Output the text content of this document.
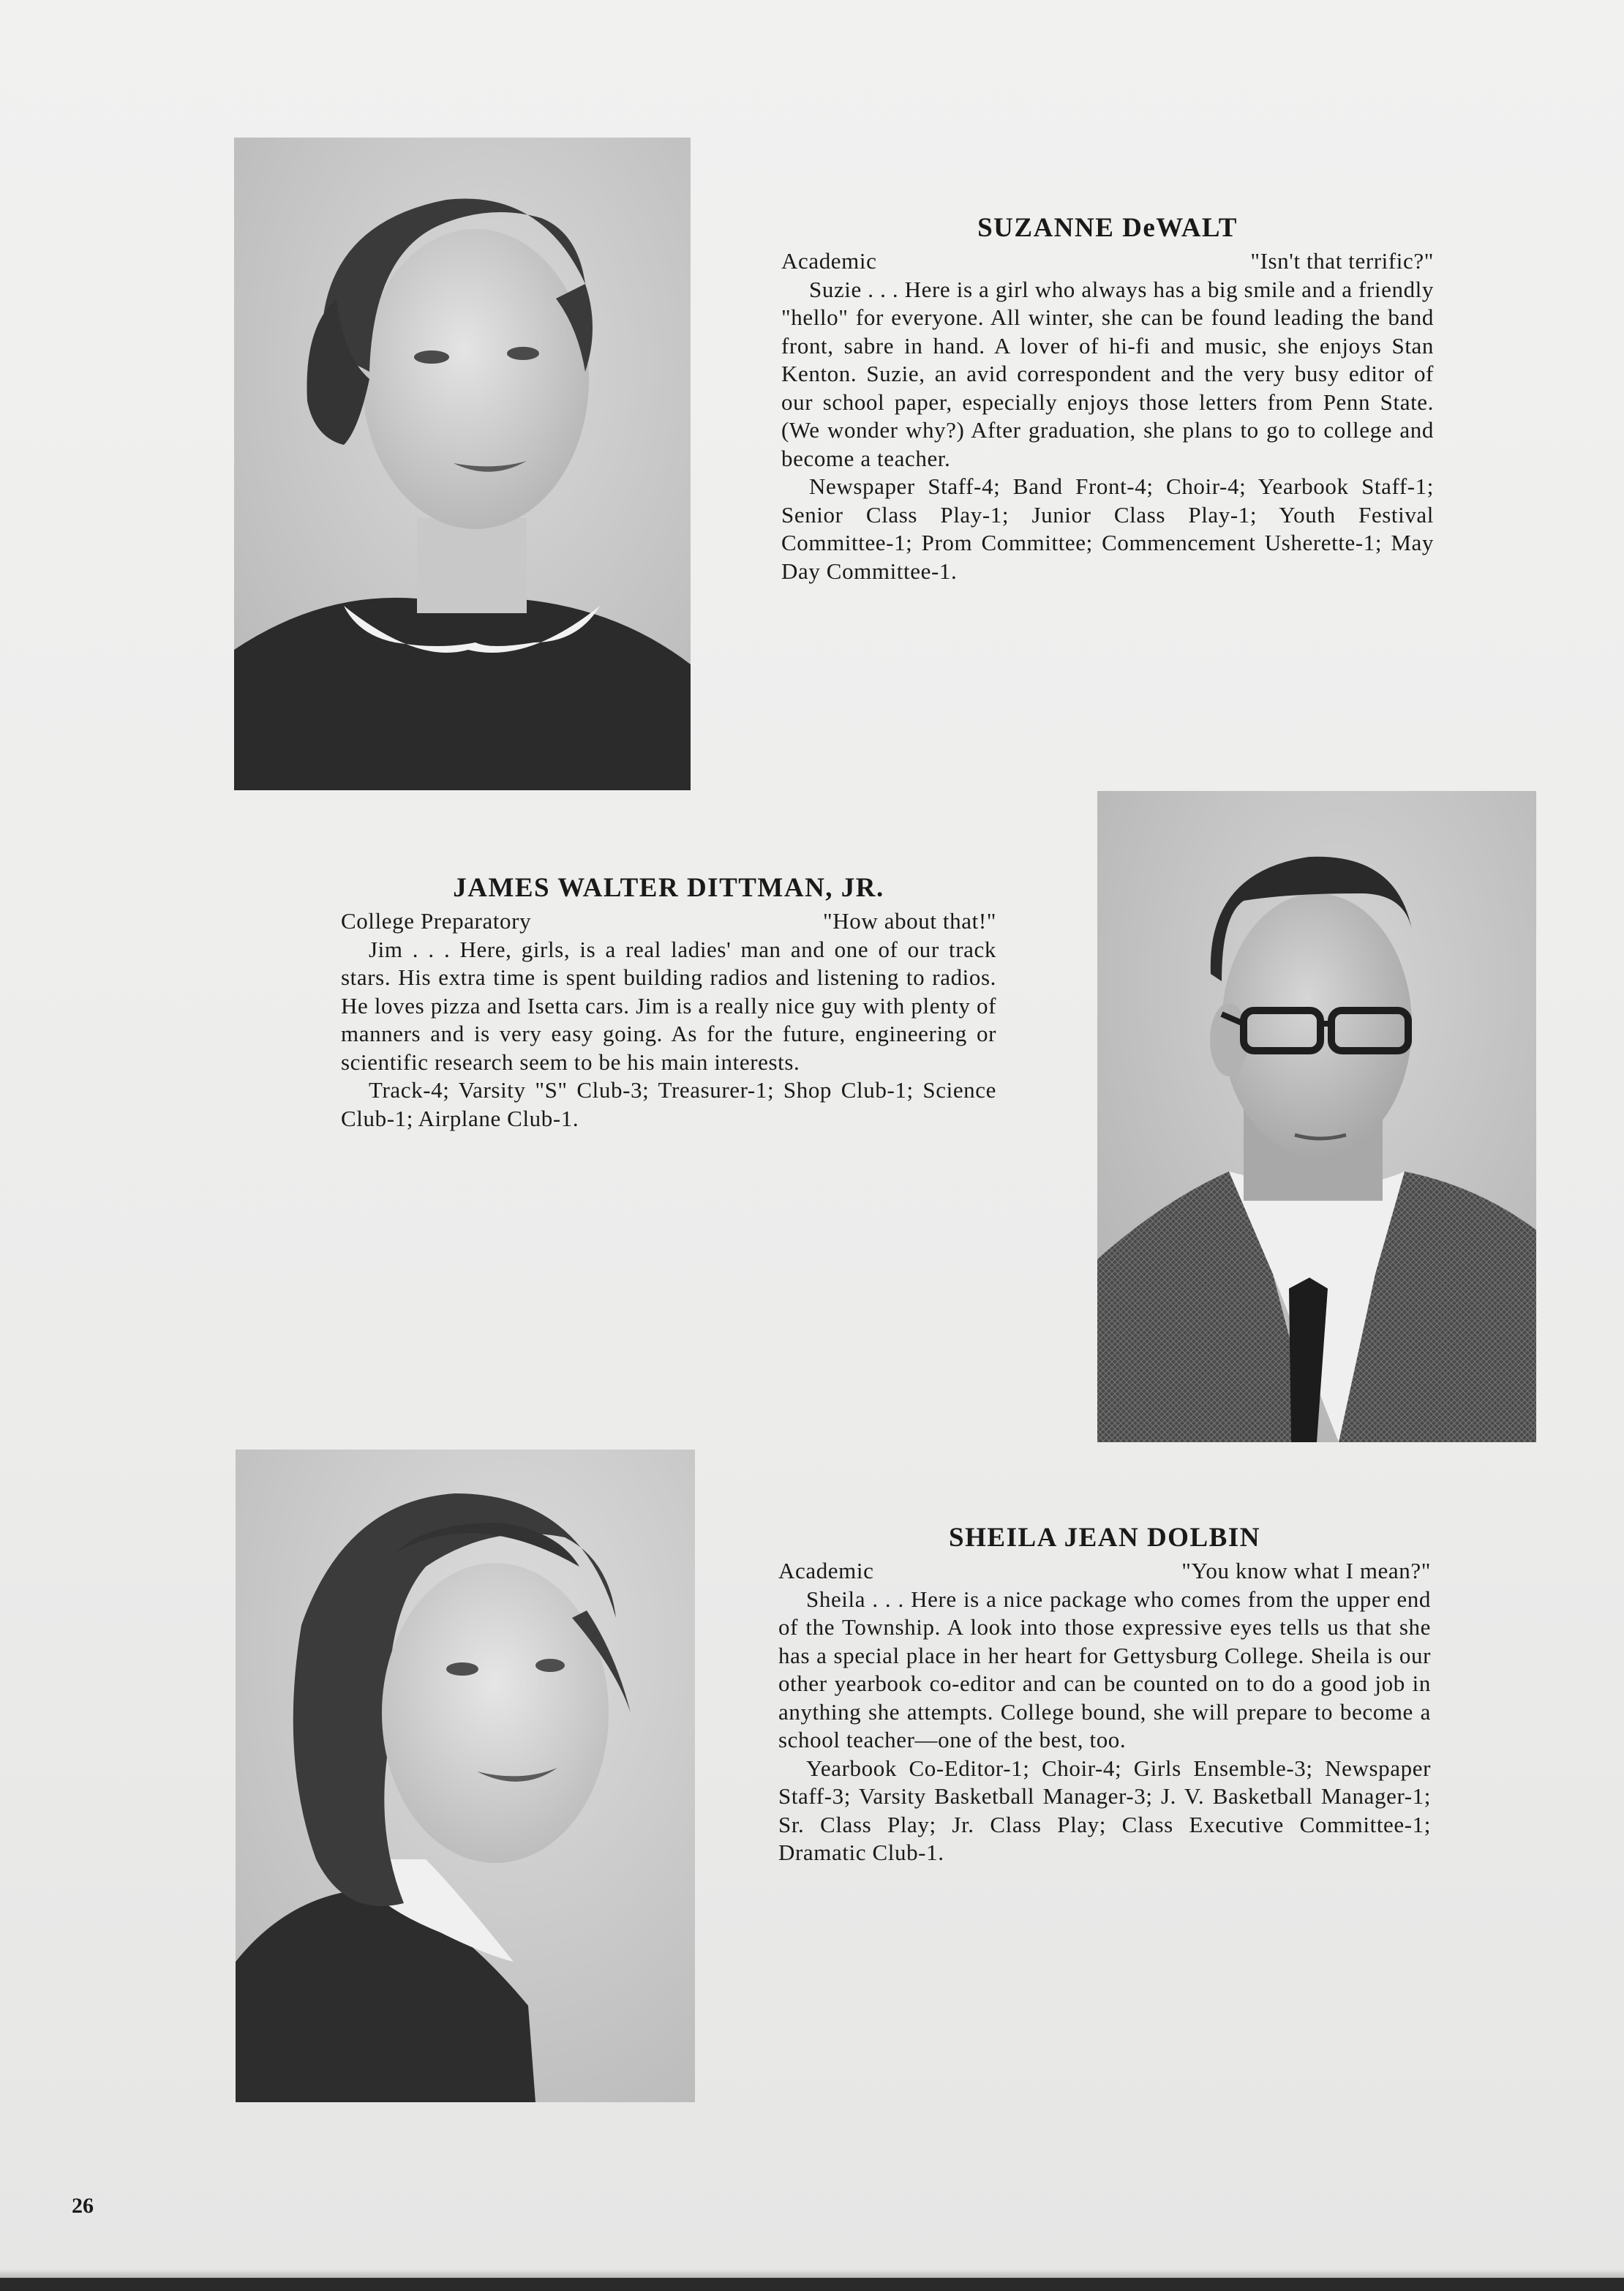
SUZANNE DeWALT
Academic	"Isn't that terrific?"
Suzie . . . Here is a girl who always has a big smile and a friendly "hello" for everyone. All winter, she can be found leading the band front, sabre in hand. A lover of hi-fi and music, she enjoys Stan Kenton. Suzie, an avid correspondent and the very busy editor of our school paper, especially enjoys those letters from Penn State. (We wonder why?) After graduation, she plans to go to college and become a teacher.
Newspaper Staff-4; Band Front-4; Choir-4; Yearbook Staff-1; Senior Class Play-1; Junior Class Play-1; Youth Festival Committee-1; Prom Committee; Commencement Usherette-1; May Day Committee-1.
JAMES WALTER DITTMAN, JR.
College Preparatory	"How about that!"
Jim . . . Here, girls, is a real ladies' man and one of our track stars. His extra time is spent building radios and listening to radios. He loves pizza and Isetta cars. Jim is a really nice guy with plenty of manners and is very easy going. As for the future, engineering or scientific research seem to be his main interests.
Track-4; Varsity "S" Club-3; Treasurer-1; Shop Club-1; Science Club-1; Airplane Club-1.
SHEILA JEAN DOLBIN
Academic	"You know what I mean?"
Sheila . . . Here is a nice package who comes from the upper end of the Township. A look into those expressive eyes tells us that she has a special place in her heart for Gettysburg College. Sheila is our other yearbook co-editor and can be counted on to do a good job in anything she attempts. College bound, she will prepare to become a school teacher—one of the best, too.
Yearbook Co-Editor-1; Choir-4; Girls Ensemble-3; Newspaper Staff-3; Varsity Basketball Manager-3; J. V. Basketball Manager-1; Sr. Class Play; Jr. Class Play; Class Executive Committee-1; Dramatic Club-1.
26
